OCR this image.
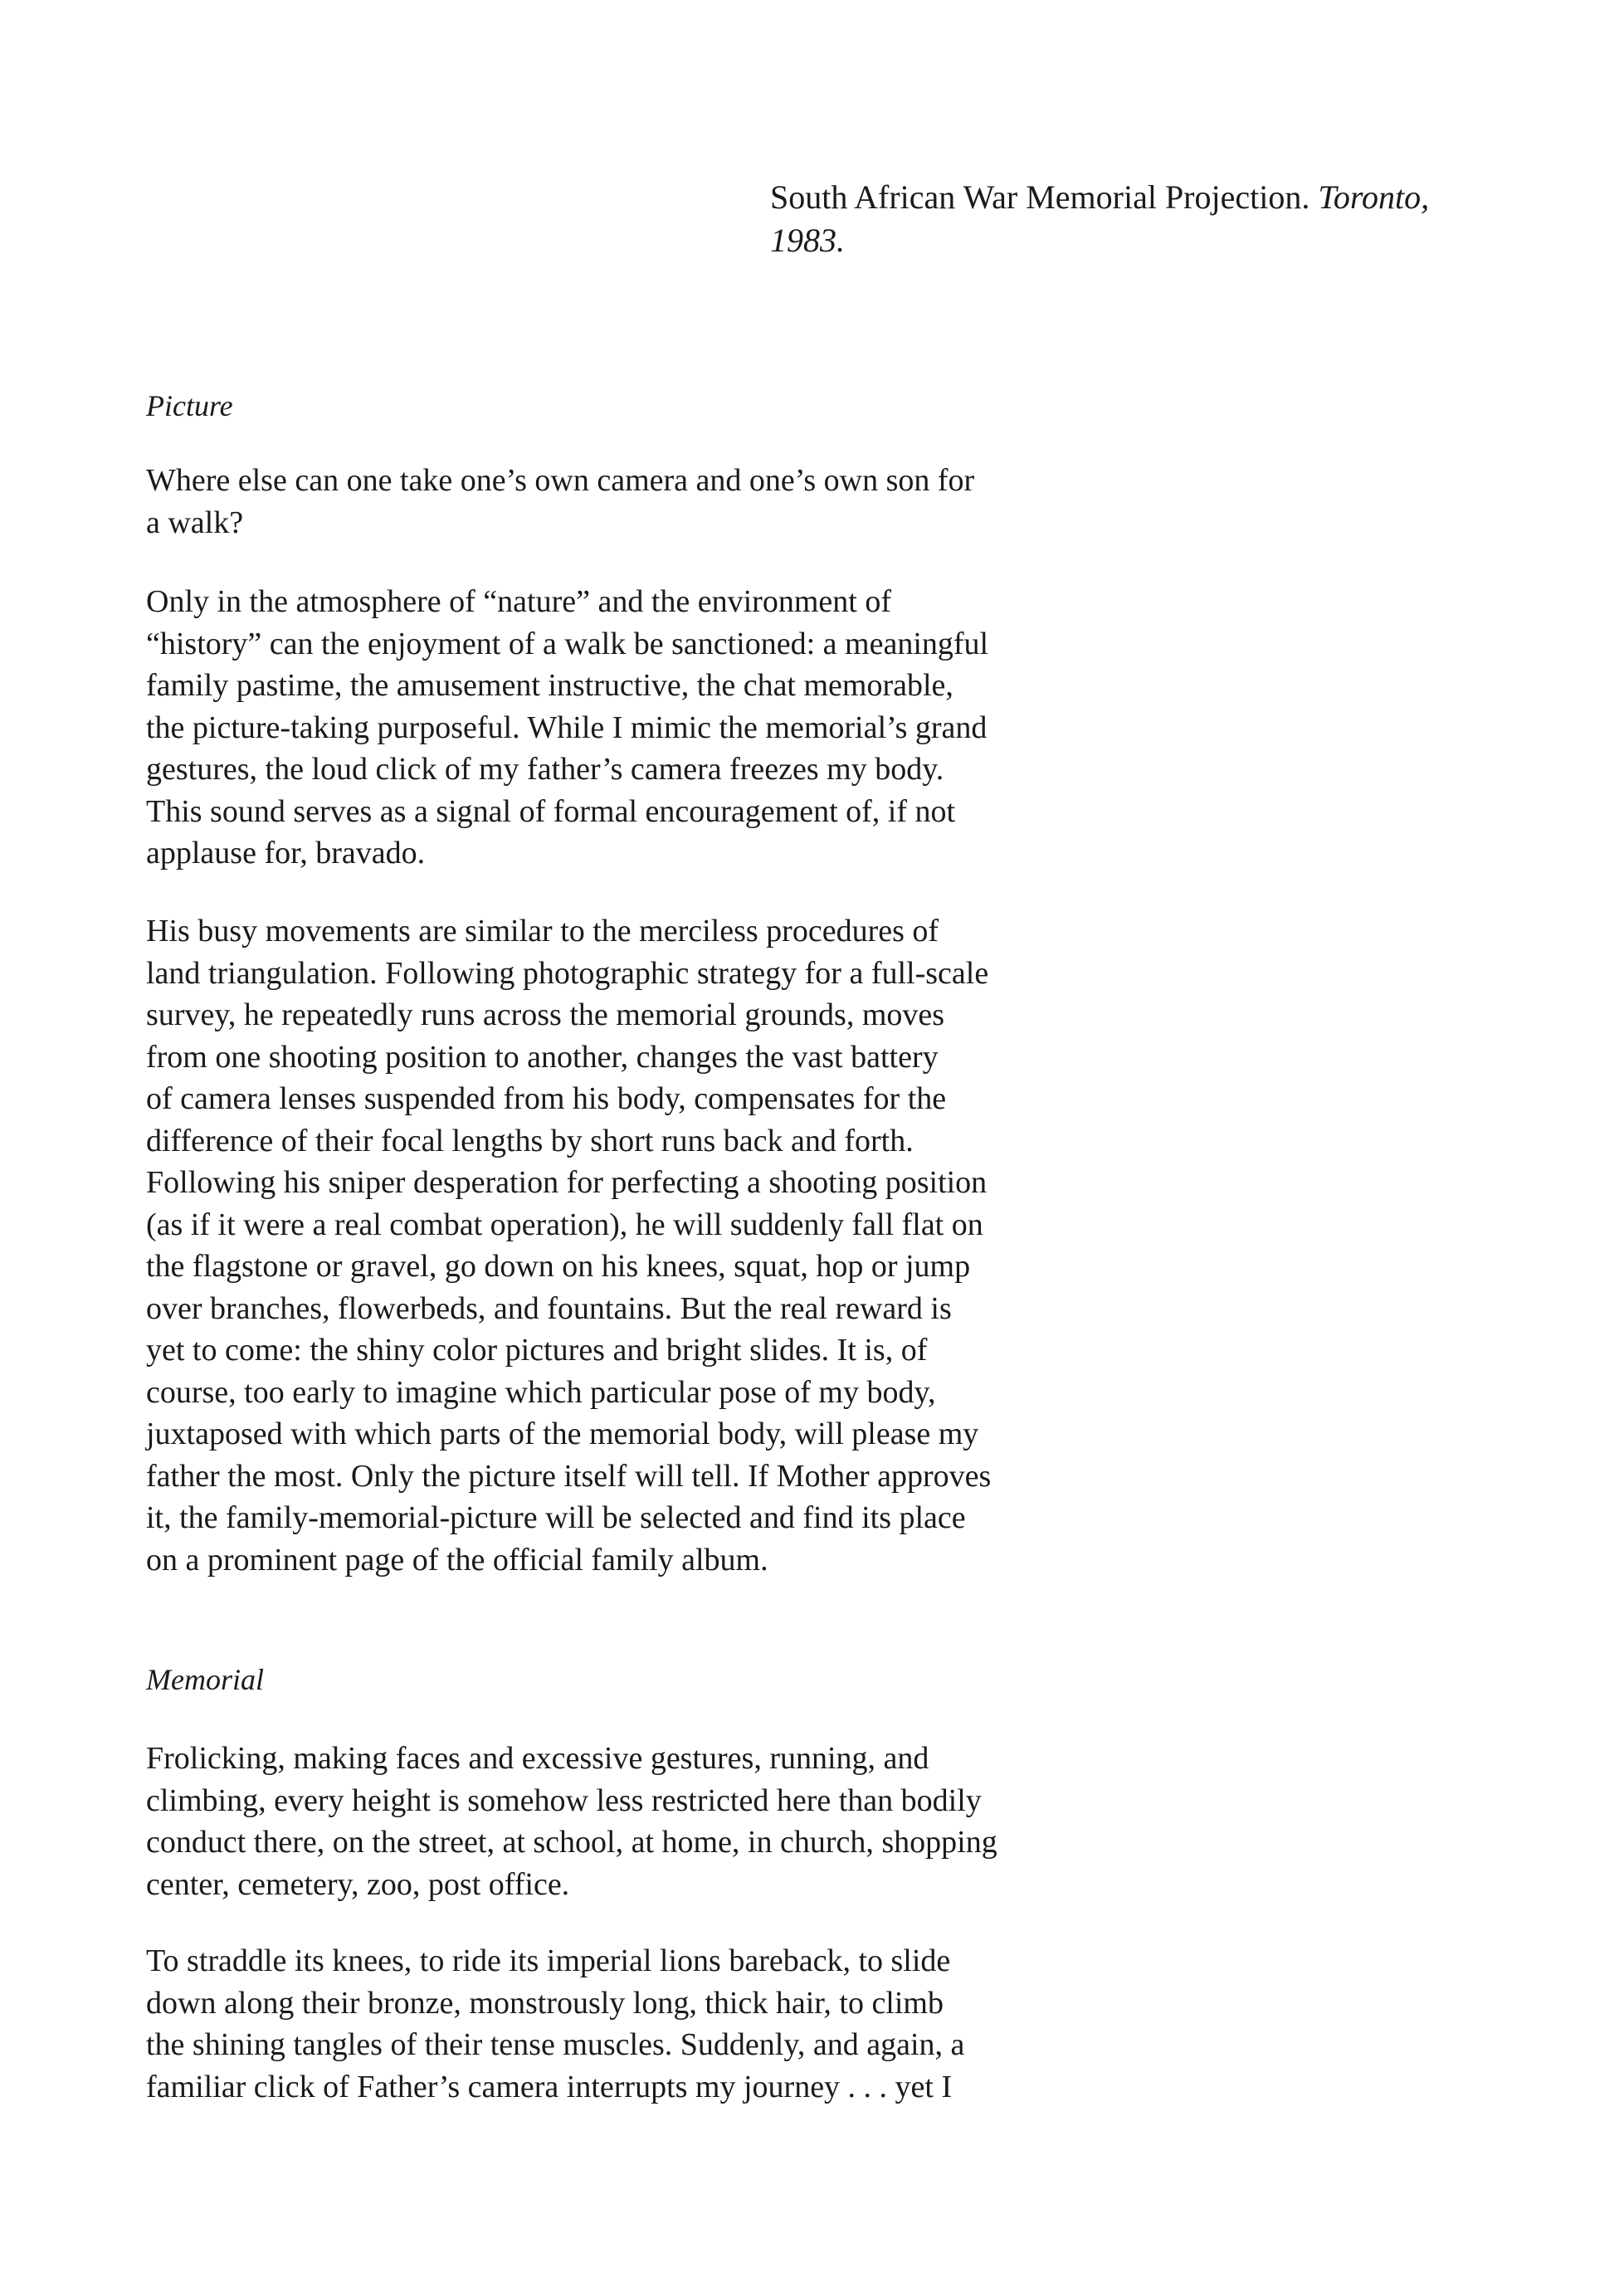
South African War Memorial Projection. Toronto,
1983.
Picture
Where else can one take one’s own camera and one’s own son for
a walk?
Only in the atmosphere of “nature” and the environment of
“history” can the enjoyment of a walk be sanctioned: a meaningful
family pastime, the amusement instructive, the chat memorable,
the picture-taking purposeful. While I mimic the memorial’s grand
gestures, the loud click of my father’s camera freezes my body.
This sound serves as a signal of formal encouragement of, if not
applause for, bravado.
His busy movements are similar to the merciless procedures of
land triangulation. Following photographic strategy for a full-scale
survey, he repeatedly runs across the memorial grounds, moves
from one shooting position to another, changes the vast battery
of camera lenses suspended from his body, compensates for the
difference of their focal lengths by short runs back and forth.
Following his sniper desperation for perfecting a shooting position
(as if it were a real combat operation), he will suddenly fall flat on
the flagstone or gravel, go down on his knees, squat, hop or jump
over branches, flowerbeds, and fountains. But the real reward is
yet to come: the shiny color pictures and bright slides. It is, of
course, too early to imagine which particular pose of my body,
juxtaposed with which parts of the memorial body, will please my
father the most. Only the picture itself will tell. If Mother approves
it, the family-memorial-picture will be selected and find its place
on a prominent page of the official family album.
Memorial
Frolicking, making faces and excessive gestures, running, and
climbing, every height is somehow less restricted here than bodily
conduct there, on the street, at school, at home, in church, shopping
center, cemetery, zoo, post office.
To straddle its knees, to ride its imperial lions bareback, to slide
down along their bronze, monstrously long, thick hair, to climb
the shining tangles of their tense muscles. Suddenly, and again, a
familiar click of Father’s camera interrupts my journey . . . yet I
